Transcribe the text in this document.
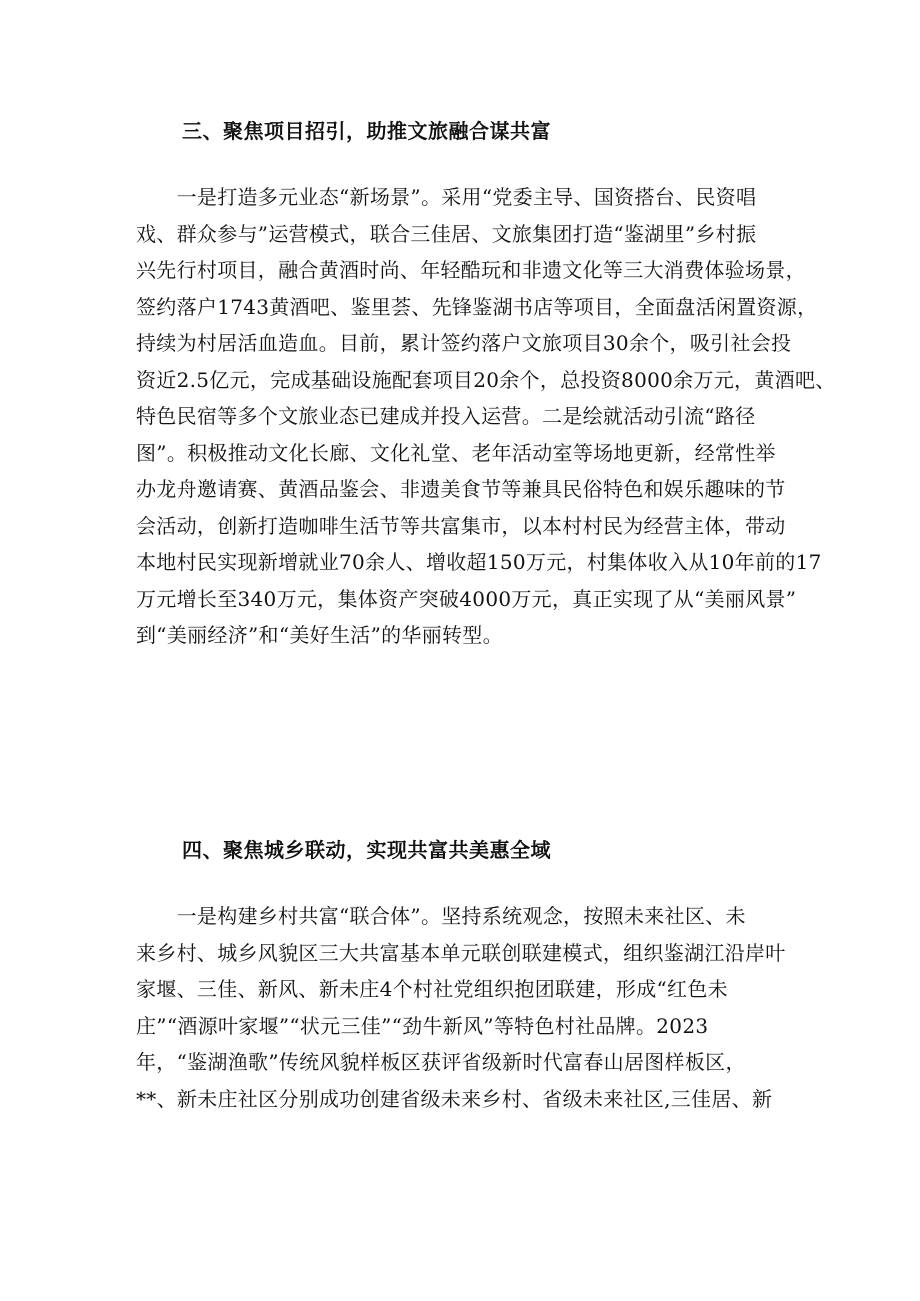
三、聚焦项目招引，助推文旅融合谋共富
　　一是打造多元业态“新场景”。采用“党委主导、国资搭台、民资唱
戏、群众参与”运营模式，联合三佳居、文旅集团打造“鉴湖里”乡村振
兴先行村项目，融合黄酒时尚、年轻酷玩和非遗文化等三大消费体验场景，
签约落户1743黄酒吧、鉴里荟、先锋鉴湖书店等项目，全面盘活闲置资源，
持续为村居活血造血。目前，累计签约落户文旅项目30余个，吸引社会投
资近2.5亿元，完成基础设施配套项目20余个，总投资8000余万元，黄酒吧、
特色民宿等多个文旅业态已建成并投入运营。二是绘就活动引流“路径
图”。积极推动文化长廊、文化礼堂、老年活动室等场地更新，经常性举
办龙舟邀请赛、黄酒品鉴会、非遗美食节等兼具民俗特色和娱乐趣味的节
会活动，创新打造咖啡生活节等共富集市，以本村村民为经营主体，带动
本地村民实现新增就业70余人、增收超150万元，村集体收入从10年前的17
万元增长至340万元，集体资产突破4000万元，真正实现了从“美丽风景”
到“美丽经济”和“美好生活”的华丽转型。
四、聚焦城乡联动，实现共富共美惠全域
　　一是构建乡村共富“联合体”。坚持系统观念，按照未来社区、未
来乡村、城乡风貌区三大共富基本单元联创联建模式，组织鉴湖江沿岸叶
家堰、三佳、新风、新未庄4个村社党组织抱团联建，形成“红色未
庄”“酒源叶家堰”“状元三佳”“劲牛新风”等特色村社品牌。2023
年，“鉴湖渔歌”传统风貌样板区获评省级新时代富春山居图样板区，
**、新未庄社区分别成功创建省级未来乡村、省级未来社区,三佳居、新
